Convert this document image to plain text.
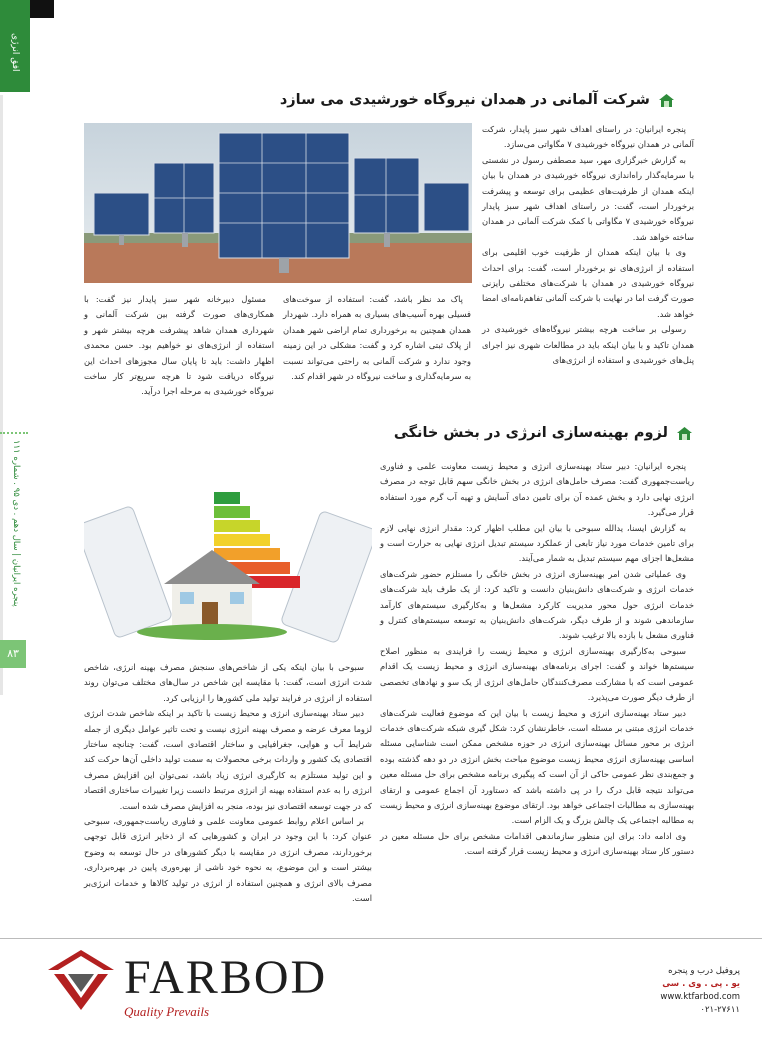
افق انرژی
پنجره ایرانیان | سال دهم . دی ۹۵ . شماره ۱۱۱
۸۳
شرکت آلمانی در همدان نیروگاه خورشیدی می سازد

پنجره ایرانیان: در راستای اهداف شهر سبز پایدار، شرکت آلمانی در همدان نیروگاه خورشیدی ۷ مگاواتی می‌سازد.

به گزارش خبرگزاری مهر، سید مصطفی رسول در نشستی با سرمایه‌گذار راه‌اندازی نیروگاه خورشیدی در همدان با بیان اینکه همدان از ظرفیت‌های عظیمی برای توسعه و پیشرفت برخوردار است، گفت: در راستای اهداف شهر سبز پایدار نیروگاه خورشیدی ۷ مگاواتی با کمک شرکت آلمانی در همدان ساخته خواهد شد.

وی با بیان اینکه همدان از ظرفیت خوب اقلیمی برای استفاده از انرژی‌های نو برخوردار است، گفت: برای احداث نیروگاه خورشیدی در همدان با شرکت‌های مختلفی رایزنی صورت گرفت اما در نهایت با شرکت آلمانی تفاهم‌نامه‌ای امضا خواهد شد.

رسولی بر ساخت هرچه بیشتر نیروگاه‌های خورشیدی در همدان تاکید و با بیان اینکه باید در مطالعات شهری نیز اجرای پنل‌های خورشیدی و استفاده از انرژی‌های

پاک مد نظر باشد، گفت: استفاده از سوخت‌های فسیلی بهره آسیب‌های بسیاری به همراه دارد. شهردار همدان همچنین به برخورداری تمام اراضی شهر همدان از پلاک ثبتی اشاره کرد و گفت: مشکلی در این زمینه وجود ندارد و شرکت آلمانی به راحتی می‌تواند نسبت به سرمایه‌گذاری و ساخت نیروگاه در شهر اقدام کند.

مسئول دبیرخانه شهر سبز پایدار نیز گفت: با همکاری‌های صورت گرفته بین شرکت آلمانی و شهرداری همدان شاهد پیشرفت هرچه بیشتر شهر و استفاده از انرژی‌های نو خواهیم بود. حسن محمدی اظهار داشت: باید تا پایان سال مجوزهای احداث این نیروگاه دریافت شود تا هرچه سریع‌تر کار ساخت نیروگاه خورشیدی به مرحله اجرا درآید.

لزوم بهینه‌سازی انرژی در بخش خانگی

پنجره ایرانیان: دبیر ستاد بهینه‌سازی انرژی و محیط زیست معاونت علمی و فناوری ریاست‌جمهوری گفت: مصرف حامل‌های انرژی در بخش خانگی سهم قابل توجه در مصرف انرژی نهایی دارد و بخش عمده آن برای تامین دمای آسایش و تهیه آب گرم مورد استفاده قرار می‌گیرد.

به گزارش ایسنا، یدالله سبوحی با بیان این مطلب اظهار کرد: مقدار انرژی نهایی لازم برای تامین خدمات مورد نیاز تابعی از عملکرد سیستم تبدیل انرژی نهایی به حرارت است و مشعل‌ها اجزای مهم سیستم تبدیل به شمار می‌آیند.

وی عملیاتی شدن امر بهینه‌سازی انرژی در بخش خانگی را مستلزم حضور شرکت‌های خدمات انرژی و شرکت‌های دانش‌بنیان دانست و تاکید کرد: از یک طرف باید شرکت‌های خدمات انرژی حول محور مدیریت کارکرد مشعل‌ها و به‌کارگیری سیستم‌های کارآمد سازماندهی شوند و از طرف دیگر، شرکت‌های دانش‌بنیان به توسعه سیستم‌های کنترل و فناوری مشعل با بازده بالا ترغیب شوند.

سبوحی به‌کارگیری بهینه‌سازی انرژی و محیط زیست را فرایندی به منظور اصلاح سیستم‌ها خواند و گفت: اجرای برنامه‌های بهینه‌سازی انرژی و محیط زیست یک اقدام عمومی است که با مشارکت مصرف‌کنندگان حامل‌های انرژی از یک سو و نهادهای تخصصی از طرف دیگر صورت می‌پذیرد.

دبیر ستاد بهینه‌سازی انرژی و محیط زیست با بیان این که موضوع فعالیت شرکت‌های خدمات انرژی مبتنی بر مسئله است، خاطرنشان کرد: شکل گیری شبکه شرکت‌های خدمات انرژی بر محور مسائل بهینه‌سازی انرژی در حوزه مشخص ممکن است شناسایی مسئله اساسی بهینه‌سازی انرژی محیط زیست موضوع مباحث بخش انرژی در دو دهه گذشته بوده و جمع‌بندی نظر عمومی حاکی از آن است که پیگیری برنامه مشخص برای حل مسئله معین می‌تواند نتیجه قابل درک را در پی داشته باشد که دستاورد آن اجماع عمومی و ارتقای بهینه‌سازی به مطالبات اجتماعی خواهد بود. ارتقای موضوع بهینه‌سازی انرژی و محیط زیست به مطالبه اجتماعی یک چالش بزرگ و یک الزام است.

وی ادامه داد: برای این منظور سازماندهی اقدامات مشخص برای حل مسئله معین در دستور کار ستاد بهینه‌سازی انرژی و محیط زیست قرار گرفته است.

سبوحی با بیان اینکه یکی از شاخص‌های سنجش مصرف بهینه انرژی، شاخص شدت انرژی است، گفت: با مقایسه این شاخص در سال‌های مختلف می‌توان روند استفاده از انرژی در فرایند تولید ملی کشورها را ارزیابی کرد.

دبیر ستاد بهینه‌سازی انرژی و محیط زیست با تاکید بر اینکه شاخص شدت انرژی لزوما معرف عرضه و مصرف بهینه انرژی نیست و تحت تاثیر عوامل دیگری از جمله شرایط آب و هوایی، جغرافیایی و ساختار اقتصادی است، گفت: چنانچه ساختار اقتصادی یک کشور و واردات برخی محصولات به سمت تولید داخلی آن‌ها حرکت کند و این تولید مستلزم به کارگیری انرژی زیاد باشد، نمی‌توان این افزایش مصرف انرژی را به عدم استفاده بهینه از انرژی مرتبط دانست زیرا تغییرات ساختاری اقتصاد که در جهت توسعه اقتصادی نیز بوده، منجر به افزایش مصرف شده است.

بر اساس اعلام روابط عمومی معاونت علمی و فناوری ریاست‌جمهوری، سبوحی عنوان کرد: با این وجود در ایران و کشورهایی که از ذخایر انرژی قابل توجهی برخوردارند، مصرف انرژی در مقایسه با دیگر کشورهای در حال توسعه به وضوح بیشتر است و این موضوع، به نحوه خود ناشی از بهره‌وری پایین در بهره‌برداری، مصرف بالای انرژی و همچنین استفاده از انرژی در تولید کالاها و خدمات انرژی‌بر است.

FARBOD
Quality Prevails
پروفیل درب و پنجره
یو . پی . وی . سی
www.ktfarbod.com
۰۲۱-۲۷۶۱۱
